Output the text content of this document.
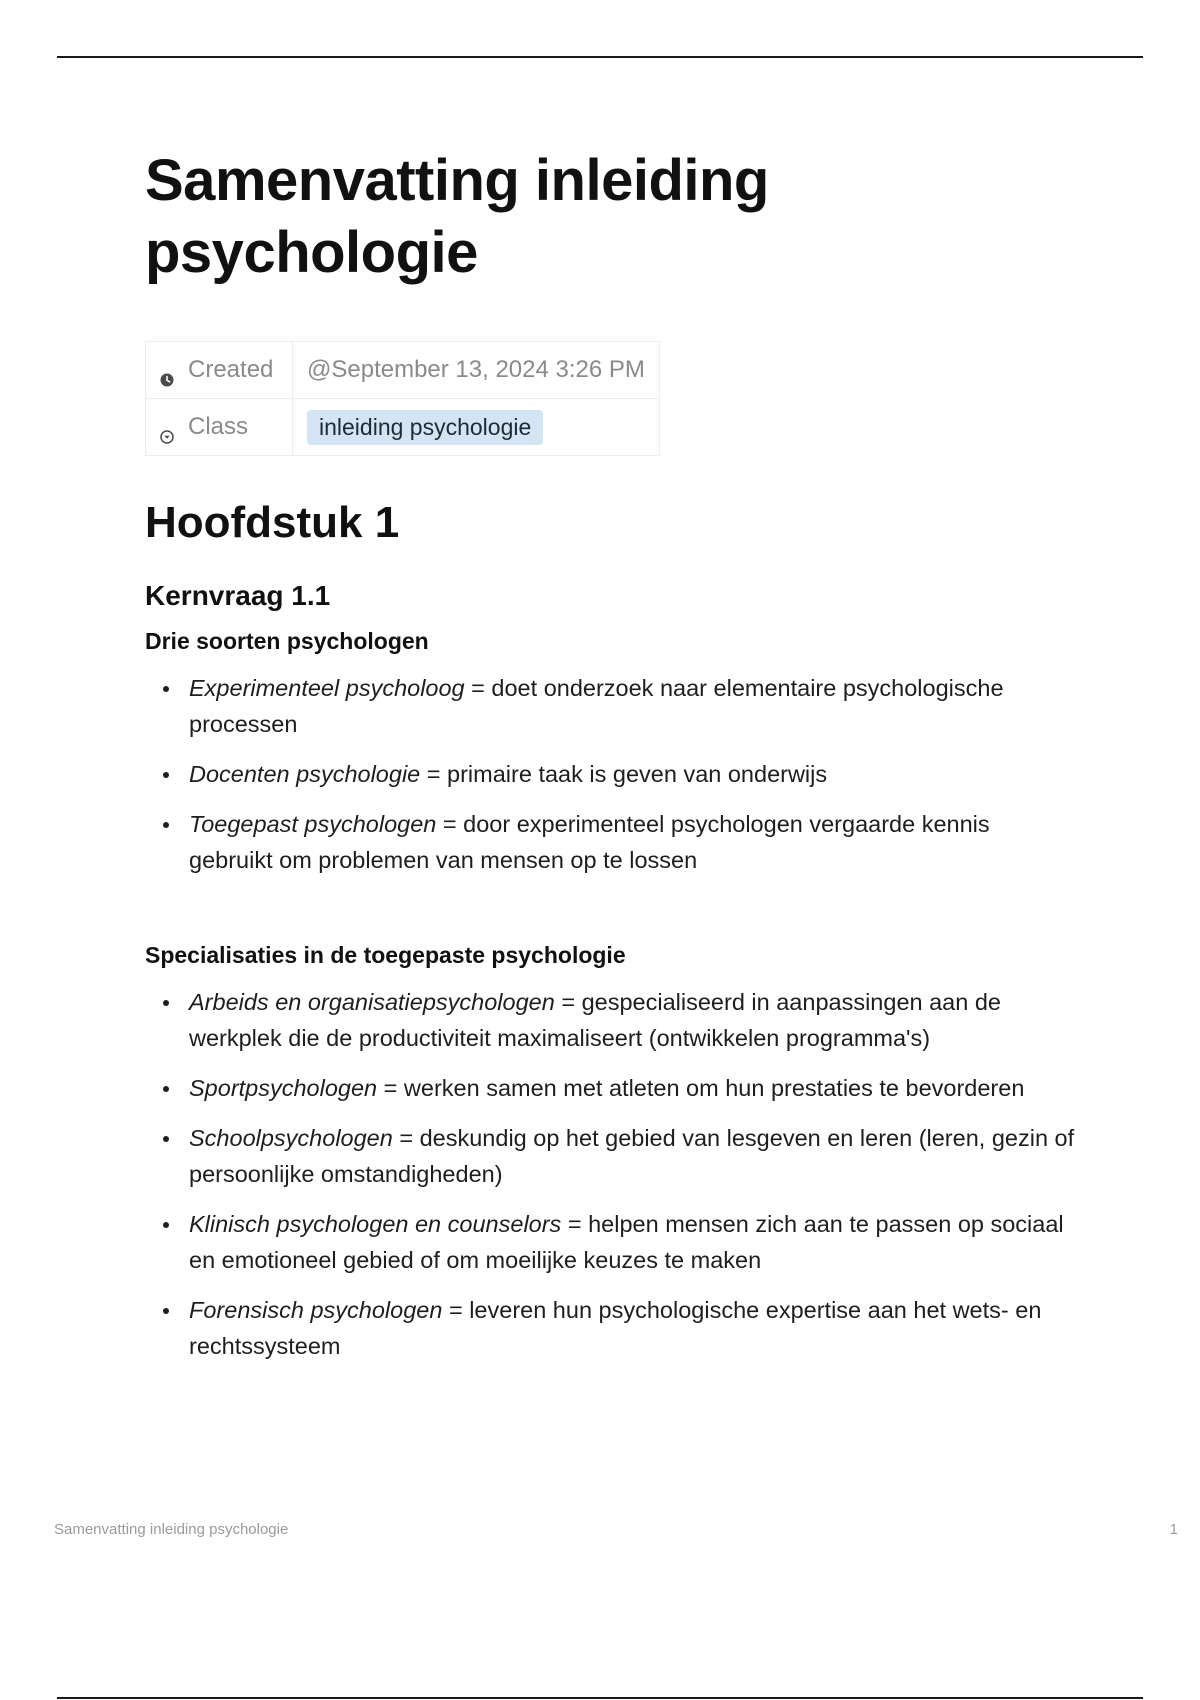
Samenvatting inleiding psychologie
Created	@September 13, 2024 3:26 PM
Class	inleiding psychologie
Hoofdstuk 1
Kernvraag 1.1
Drie soorten psychologen
Experimenteel psycholoog = doet onderzoek naar elementaire psychologische processen
Docenten psychologie = primaire taak is geven van onderwijs
Toegepast psychologen = door experimenteel psychologen vergaarde kennis gebruikt om problemen van mensen op te lossen
Specialisaties in de toegepaste psychologie
Arbeids en organisatiepsychologen = gespecialiseerd in aanpassingen aan de werkplek die de productiviteit maximaliseert (ontwikkelen programma's)
Sportpsychologen = werken samen met atleten om hun prestaties te bevorderen
Schoolpsychologen = deskundig op het gebied van lesgeven en leren (leren, gezin of persoonlijke omstandigheden)
Klinisch psychologen en counselors = helpen mensen zich aan te passen op sociaal en emotioneel gebied of om moeilijke keuzes te maken
Forensisch psychologen = leveren hun psychologische expertise aan het wets- en rechtssysteem
Samenvatting inleiding psychologie	1
